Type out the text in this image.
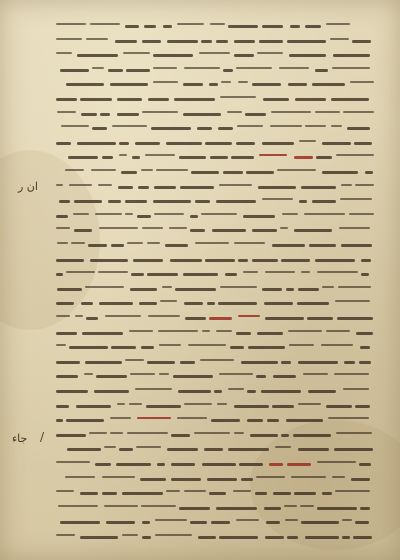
ان ر
جاء /
